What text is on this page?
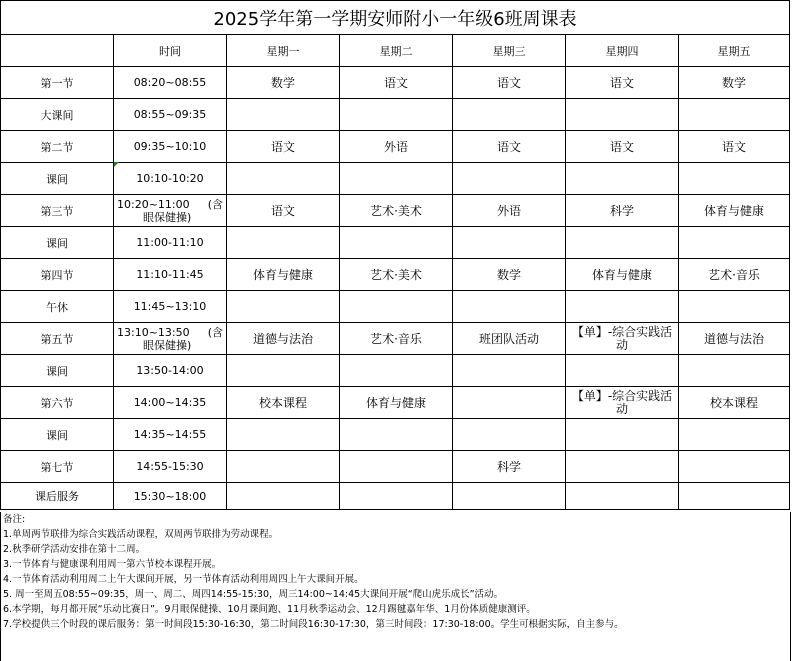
2025学年第一学期安师附小一年级6班周课表						
	时间	星期一	星期二	星期三	星期四	星期五
第一节	08:20~08:55	数学	语文	语文	语文	数学
大课间	08:55~09:35					
第二节	09:35~10:10	语文	外语	语文	语文	语文
课间	10:10-10:20					
第三节	10:20~11:00 (含
眼保健操)	语文	艺术·美术	外语	科学	体育与健康
课间	11:00-11:10					
第四节	11:10-11:45	体育与健康	艺术·美术	数学	体育与健康	艺术·音乐
午休	11:45~13:10					
第五节	13:10~13:50 (含
眼保健操)	道德与法治	艺术·音乐	班团队活动	【单】-综合实践活动	道德与法治
课间	13:50-14:00					
第六节	14:00~14:35	校本课程	体育与健康		【单】-综合实践活动	校本课程
课间	14:35~14:55					
第七节	14:55-15:30			科学		
课后服务	15:30~18:00					
备注:
1.单周两节联排为综合实践活动课程，双周两节联排为劳动课程。
2.秋季研学活动安排在第十二周。
3.一节体育与健康课利用周一第六节校本课程开展。
4.一节体育活动利用周二上午大课间开展，另一节体育活动利用周四上午大课间开展。
5. 周一至周五08:55~09:35，周一、周二、周四14:55-15:30，周三14:00~14:45大课间开展“爬山虎乐成长”活动。
6.本学期，每月都开展“乐动比赛日”。9月眼保健操、10月课间跑、11月秋季运动会、12月踢毽嘉年华、1月份体质健康测评。
7.学校提供三个时段的课后服务：第一时间段15:30-16:30，第二时间段16:30-17:30，第三时间段：17:30-18:00。学生可根据实际，自主参与。
